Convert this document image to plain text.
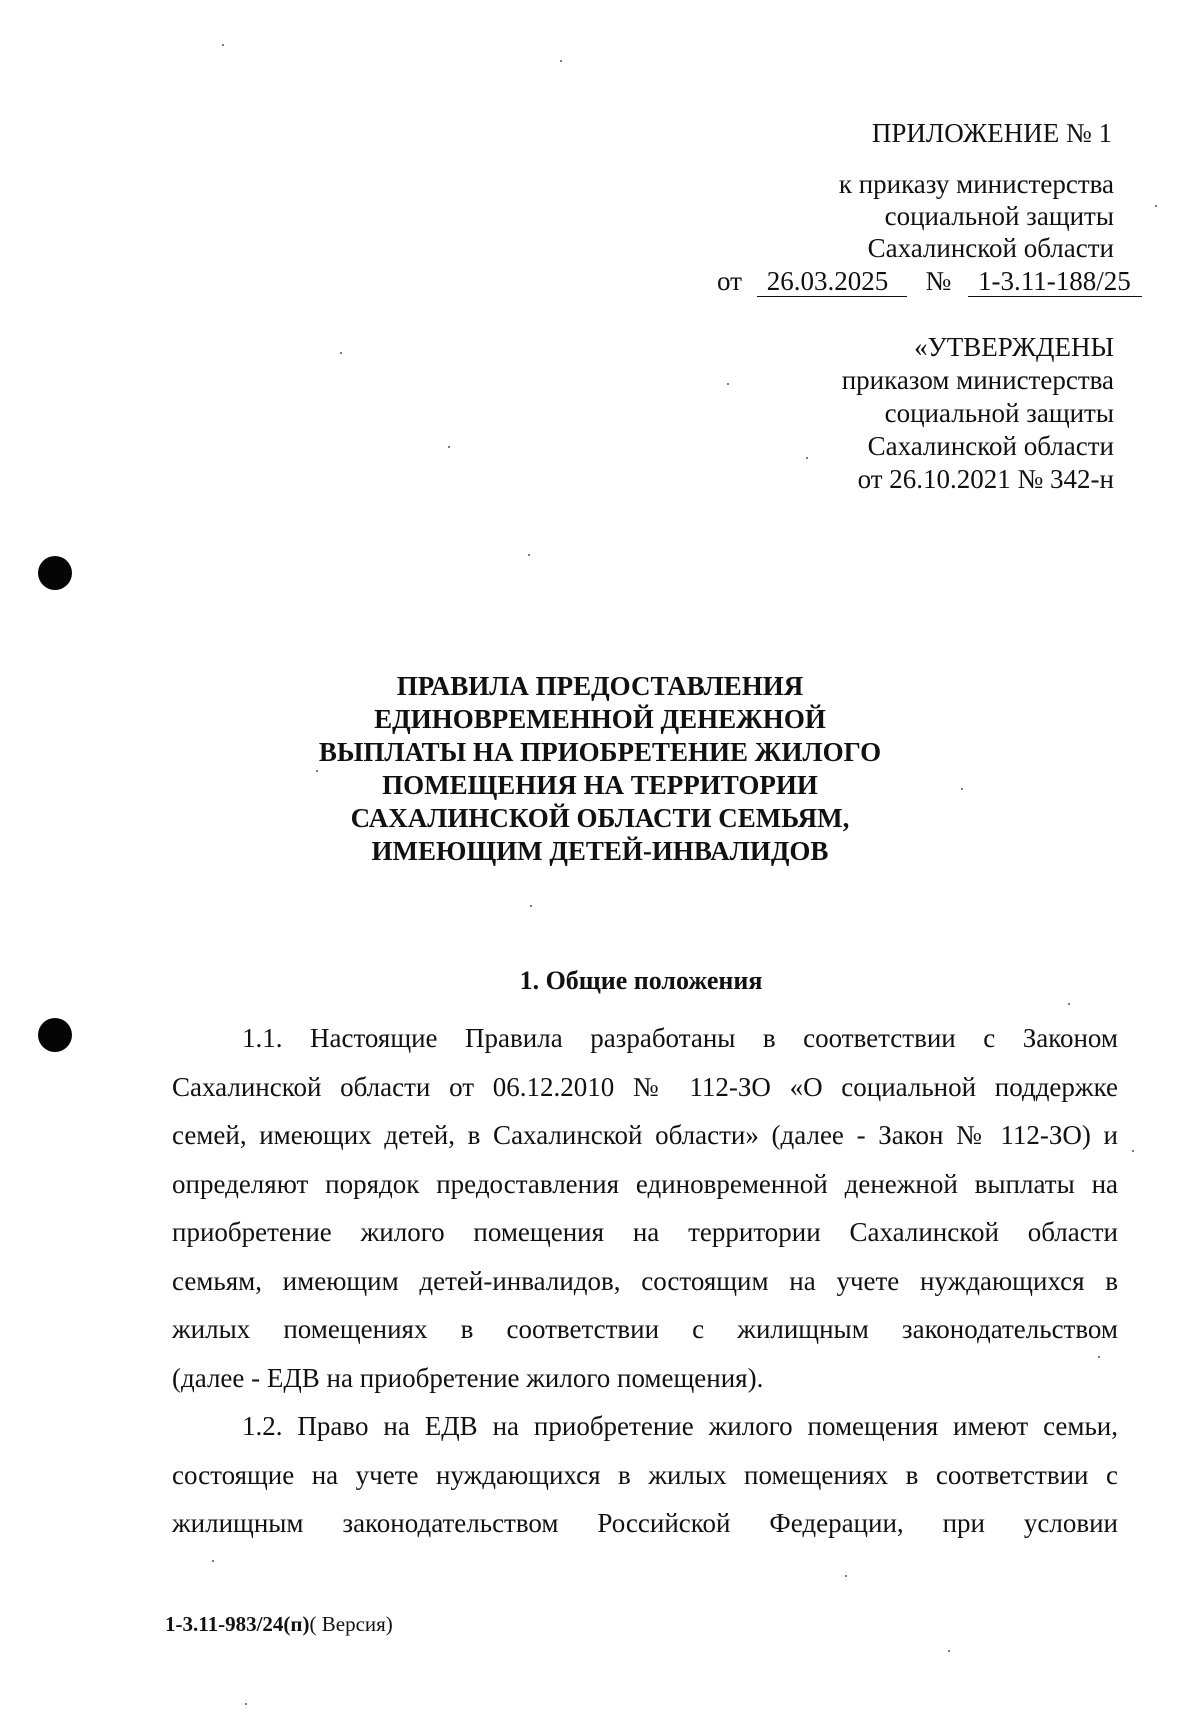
ПРИЛОЖЕНИЕ № 1
к приказу министерства
социальной защиты
Сахалинской области
от 26.03.2025 № 1-3.11-188/25
«УТВЕРЖДЕНЫ
приказом министерства
социальной защиты
Сахалинской области
от 26.10.2021 № 342-н
ПРАВИЛА ПРЕДОСТАВЛЕНИЯ
ЕДИНОВРЕМЕННОЙ ДЕНЕЖНОЙ
ВЫПЛАТЫ НА ПРИОБРЕТЕНИЕ ЖИЛОГО
ПОМЕЩЕНИЯ НА ТЕРРИТОРИИ
САХАЛИНСКОЙ ОБЛАСТИ СЕМЬЯМ,
ИМЕЮЩИМ ДЕТЕЙ-ИНВАЛИДОВ
1. Общие положения
1.1. Настоящие Правила разработаны в соответствии с Законом
Сахалинской области от 06.12.2010 № 112-ЗО «О социальной поддержке
семей, имеющих детей, в Сахалинской области» (далее - Закон № 112-ЗО) и
определяют порядок предоставления единовременной денежной выплаты на
приобретение жилого помещения на территории Сахалинской области
семьям, имеющим детей-инвалидов, состоящим на учете нуждающихся в
жилых помещениях в соответствии с жилищным законодательством
(далее - ЕДВ на приобретение жилого помещения).
1.2. Право на ЕДВ на приобретение жилого помещения имеют семьи,
состоящие на учете нуждающихся в жилых помещениях в соответствии с
жилищным законодательством Российской Федерации, при условии
1-3.11-983/24(п)( Версия)
